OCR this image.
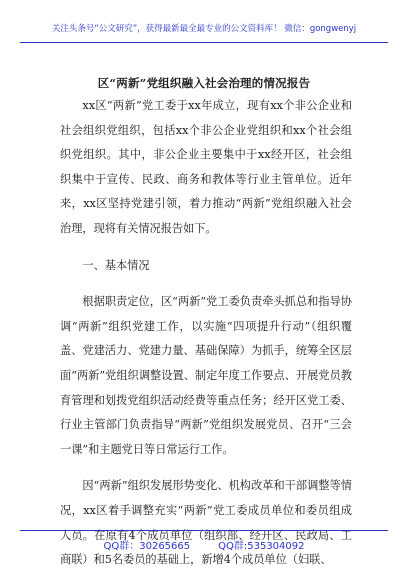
关注头条号“公文研究”，获得最新最全最专业的公文资料库！ 微信：gongwenyj
区“两新”党组织融入社会治理的情况报告

xx区“两新”党工委于xx年成立，现有xx个非公企业和社会组织党组织，包括xx个非公企业党组织和xx个社会组织党组织。其中，非公企业主要集中于xx经开区，社会组织集中于宣传、民政、商务和教体等行业主管单位。近年来，xx区坚持党建引领，着力推动“两新”党组织融入社会治理，现将有关情况报告如下。

一、基本情况

根据职责定位，区“两新”党工委负责牵头抓总和指导协调“两新”组织党建工作，以实施“四项提升行动”（组织覆盖、党建活力、党建力量、基础保障）为抓手，统筹全区层面“两新”党组织调整设置、制定年度工作要点、开展党员教育管理和划拨党组织活动经费等重点任务；经开区党工委、行业主管部门负责指导“两新”党组织发展党员、召开“三会一课”和主题党日等日常运行工作。

因“两新”组织发展形势变化、机构改革和干部调整等情况，xx区着手调整充实“两新”党工委成员单位和委员组成人员。在原有4个成员单位（组织部、经开区、民政局、工商联）和5名委员的基础上，新增4个成员单位（妇联、

QQ群：30265665	QQ群:535304092
